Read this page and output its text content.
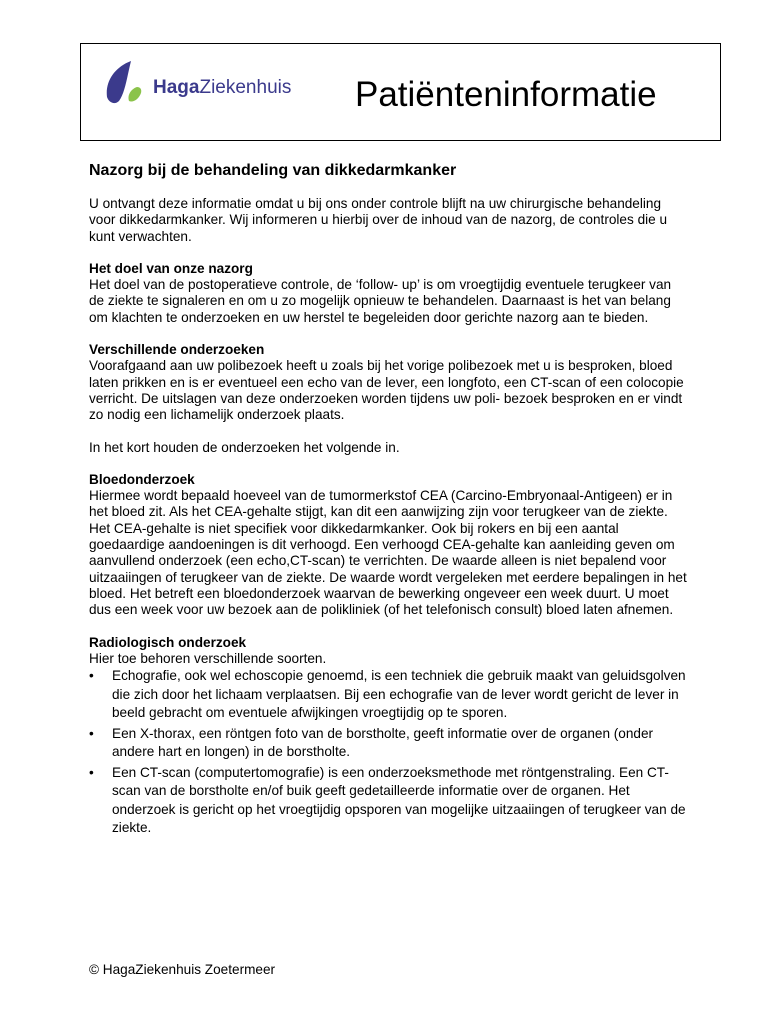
HagaZiekenhuis Patiënteninformatie
Nazorg bij de behandeling van dikkedarmkanker

U ontvangt deze informatie omdat u bij ons onder controle blijft na uw chirurgische behandeling voor dikkedarmkanker. Wij informeren u hierbij over de inhoud van de nazorg, de controles die u kunt verwachten.

Het doel van onze nazorg

Het doel van de postoperatieve controle, de ‘follow- up’ is om vroegtijdig eventuele terugkeer van de ziekte te signaleren en om u zo mogelijk opnieuw te behandelen. Daarnaast is het van belang om klachten te onderzoeken en uw herstel te begeleiden door gerichte nazorg aan te bieden.

Verschillende onderzoeken

Voorafgaand aan uw polibezoek heeft u zoals bij het vorige polibezoek met u is besproken, bloed laten prikken en is er eventueel een echo van de lever, een longfoto, een CT-scan of een colocopie verricht. De uitslagen van deze onderzoeken worden tijdens uw poli- bezoek besproken en er vindt zo nodig een lichamelijk onderzoek plaats.

In het kort houden de onderzoeken het volgende in.

Bloedonderzoek

Hiermee wordt bepaald hoeveel van de tumormerkstof CEA (Carcino-Embryonaal-Antigeen) er in het bloed zit. Als het CEA-gehalte stijgt, kan dit een aanwijzing zijn voor terugkeer van de ziekte. Het CEA-gehalte is niet specifiek voor dikkedarmkanker. Ook bij rokers en bij een aantal goedaardige aandoeningen is dit verhoogd. Een verhoogd CEA-gehalte kan aanleiding geven om aanvullend onderzoek (een echo,CT-scan) te verrichten. De waarde alleen is niet bepalend voor uitzaaiingen of terugkeer van de ziekte. De waarde wordt vergeleken met eerdere bepalingen in het bloed. Het betreft een bloedonderzoek waarvan de bewerking ongeveer een week duurt. U moet dus een week voor uw bezoek aan de polikliniek (of het telefonisch consult) bloed laten afnemen.

Radiologisch onderzoek
Hier toe behoren verschillende soorten.
• Echografie, ook wel echoscopie genoemd, is een techniek die gebruik maakt van geluidsgolven die zich door het lichaam verplaatsen. Bij een echografie van de lever wordt gericht de lever in beeld gebracht om eventuele afwijkingen vroegtijdig op te sporen.
• Een X-thorax, een röntgen foto van de borstholte, geeft informatie over de organen (onder andere hart en longen) in de borstholte.
• Een CT-scan (computertomografie) is een onderzoeksmethode met röntgenstraling. Een CT-scan van de borstholte en/of buik geeft gedetailleerde informatie over de organen. Het onderzoek is gericht op het vroegtijdig opsporen van mogelijke uitzaaiingen of terugkeer van de ziekte.
© HagaZiekenhuis Zoetermeer
